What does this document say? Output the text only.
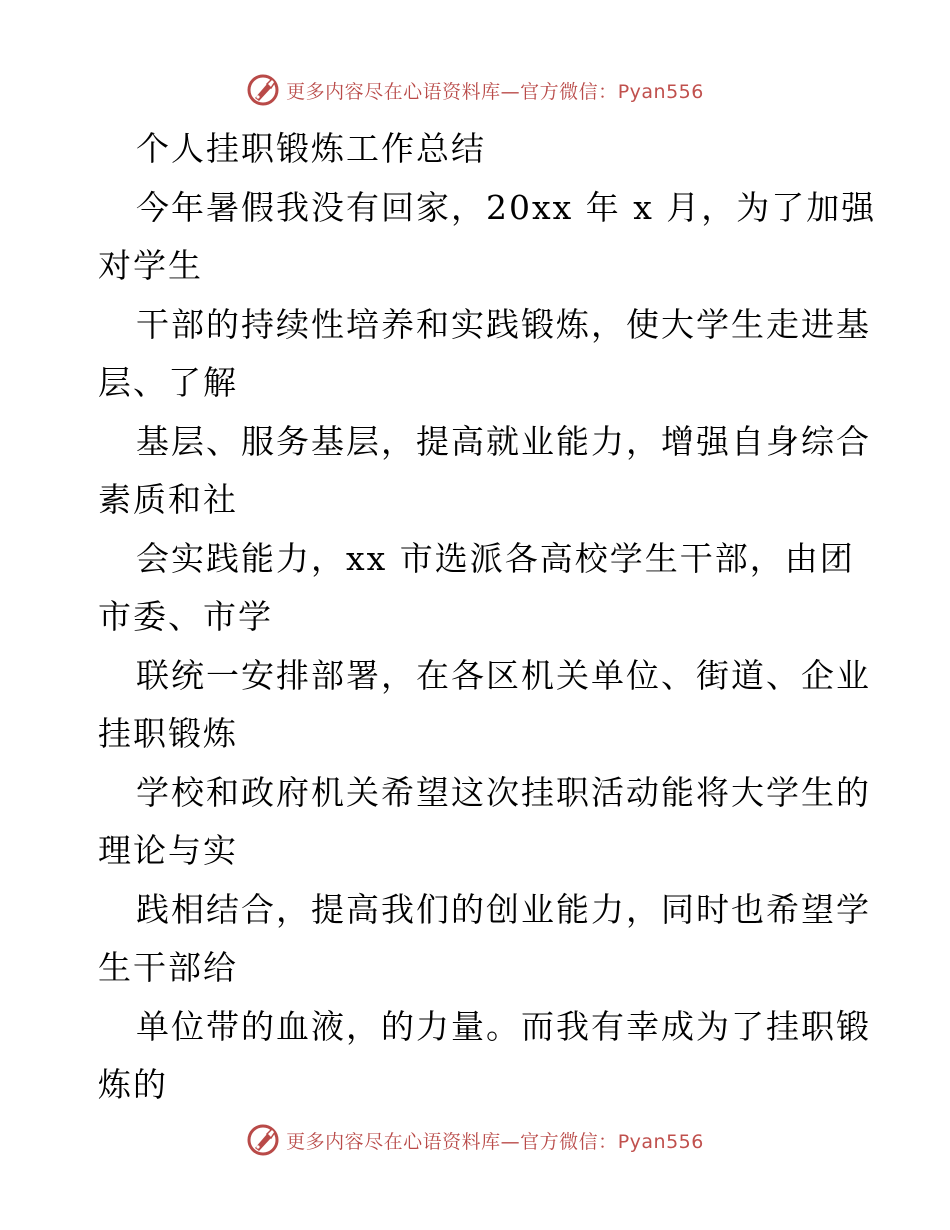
更多内容尽在心语资料库—官方微信：Pyan556
个人挂职锻炼工作总结
今年暑假我没有回家，20xx 年 x 月，为了加强
对学生
干部的持续性培养和实践锻炼，使大学生走进基
层、了解
基层、服务基层，提高就业能力，增强自身综合
素质和社
会实践能力，xx 市选派各高校学生干部，由团
市委、市学
联统一安排部署，在各区机关单位、街道、企业
挂职锻炼
学校和政府机关希望这次挂职活动能将大学生的
理论与实
践相结合，提高我们的创业能力，同时也希望学
生干部给
单位带的血液，的力量。而我有幸成为了挂职锻
炼的
更多内容尽在心语资料库—官方微信：Pyan556
